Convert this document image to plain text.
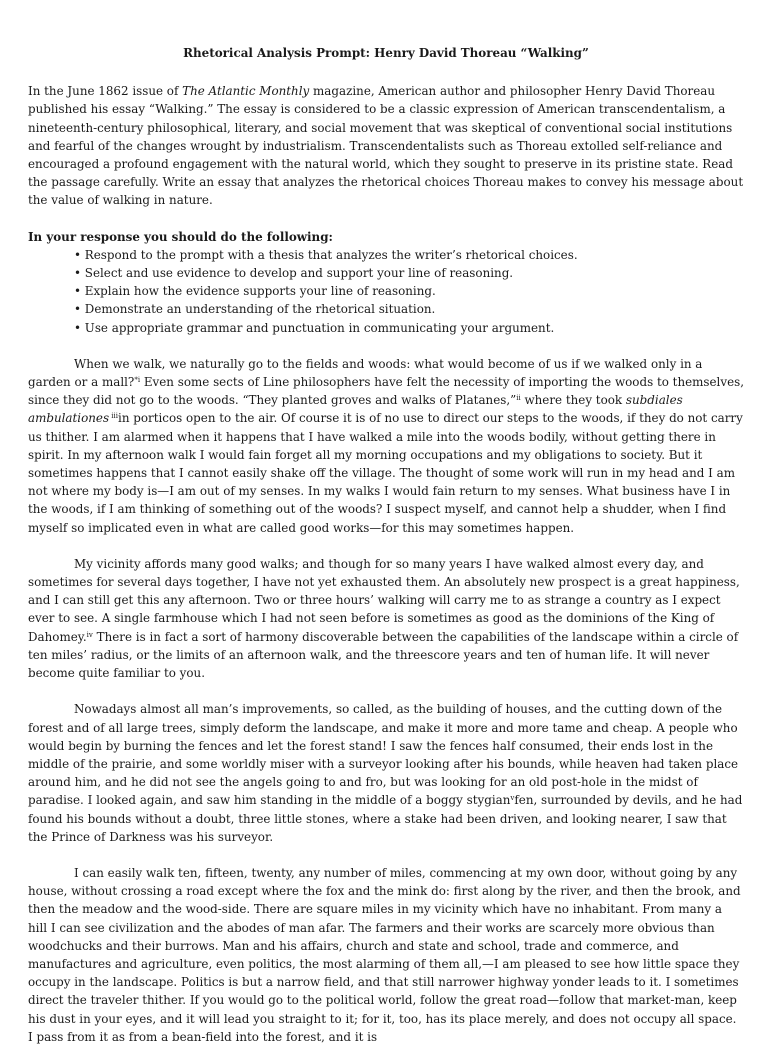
Rhetorical Analysis Prompt: Henry David Thoreau “Walking”

In the June 1862 issue of The Atlantic Monthly magazine, American author and philosopher Henry David Thoreau published his essay “Walking.” The essay is considered to be a classic expression of American transcendentalism, a nineteenth-century philosophical, literary, and social movement that was skeptical of conventional social institutions and fearful of the changes wrought by industrialism. Transcendentalists such as Thoreau extolled self-reliance and encouraged a profound engagement with the natural world, which they sought to preserve in its pristine state. Read the passage carefully. Write an essay that analyzes the rhetorical choices Thoreau makes to convey his message about the value of walking in nature.

In your response you should do the following:

• Respond to the prompt with a thesis that analyzes the writer’s rhetorical choices.
• Select and use evidence to develop and support your line of reasoning.
• Explain how the evidence supports your line of reasoning.
• Demonstrate an understanding of the rhetorical situation.
• Use appropriate grammar and punctuation in communicating your argument.

When we walk, we naturally go to the fields and woods: what would become of us if we walked only in a garden or a mall?$^{*i}$ Even some sects of Line philosophers have felt the necessity of importing the woods to themselves, since they did not go to the woods. “They planted groves and walks of Platanes,”$^{ii}$ where they took subdiales ambulationes $^{iii}$in porticos open to the air. Of course it is of no use to direct our steps to the woods, if they do not carry us thither. I am alarmed when it happens that I have walked a mile into the woods bodily, without getting there in spirit. In my afternoon walk I would fain forget all my morning occupations and my obligations to society. But it sometimes happens that I cannot easily shake off the village. The thought of some work will run in my head and I am not where my body is—I am out of my senses. In my walks I would fain return to my senses. What business have I in the woods, if I am thinking of something out of the woods? I suspect myself, and cannot help a shudder, when I find myself so implicated even in what are called good works—for this may sometimes happen.

My vicinity affords many good walks; and though for so many years I have walked almost every day, and sometimes for several days together, I have not yet exhausted them. An absolutely new prospect is a great happiness, and I can still get this any afternoon. Two or three hours’ walking will carry me to as strange a country as I expect ever to see. A single farmhouse which I had not seen before is sometimes as good as the dominions of the King of Dahomey.$^{iv}$ There is in fact a sort of harmony discoverable between the capabilities of the landscape within a circle of ten miles’ radius, or the limits of an afternoon walk, and the threescore years and ten of human life. It will never become quite familiar to you.

Nowadays almost all man’s improvements, so called, as the building of houses, and the cutting down of the forest and of all large trees, simply deform the landscape, and make it more and more tame and cheap. A people who would begin by burning the fences and let the forest stand! I saw the fences half consumed, their ends lost in the middle of the prairie, and some worldly miser with a surveyor looking after his bounds, while heaven had taken place around him, and he did not see the angels going to and fro, but was looking for an old post-hole in the midst of paradise. I looked again, and saw him standing in the middle of a boggy stygian$^v$fen, surrounded by devils, and he had found his bounds without a doubt, three little stones, where a stake had been driven, and looking nearer, I saw that the Prince of Darkness was his surveyor.

I can easily walk ten, fifteen, twenty, any number of miles, commencing at my own door, without going by any house, without crossing a road except where the fox and the mink do: first along by the river, and then the brook, and then the meadow and the wood-side. There are square miles in my vicinity which have no inhabitant. From many a hill I can see civilization and the abodes of man afar. The farmers and their works are scarcely more obvious than woodchucks and their burrows. Man and his affairs, church and state and school, trade and commerce, and manufactures and agriculture, even politics, the most alarming of them all,—I am pleased to see how little space they occupy in the landscape. Politics is but a narrow field, and that still narrower highway yonder leads to it. I sometimes direct the traveler thither. If you would go to the political world, follow the great road—follow that market-man, keep his dust in your eyes, and it will lead you straight to it; for it, too, has its place merely, and does not occupy all space. I pass from it as from a bean-field into the forest, and it is
